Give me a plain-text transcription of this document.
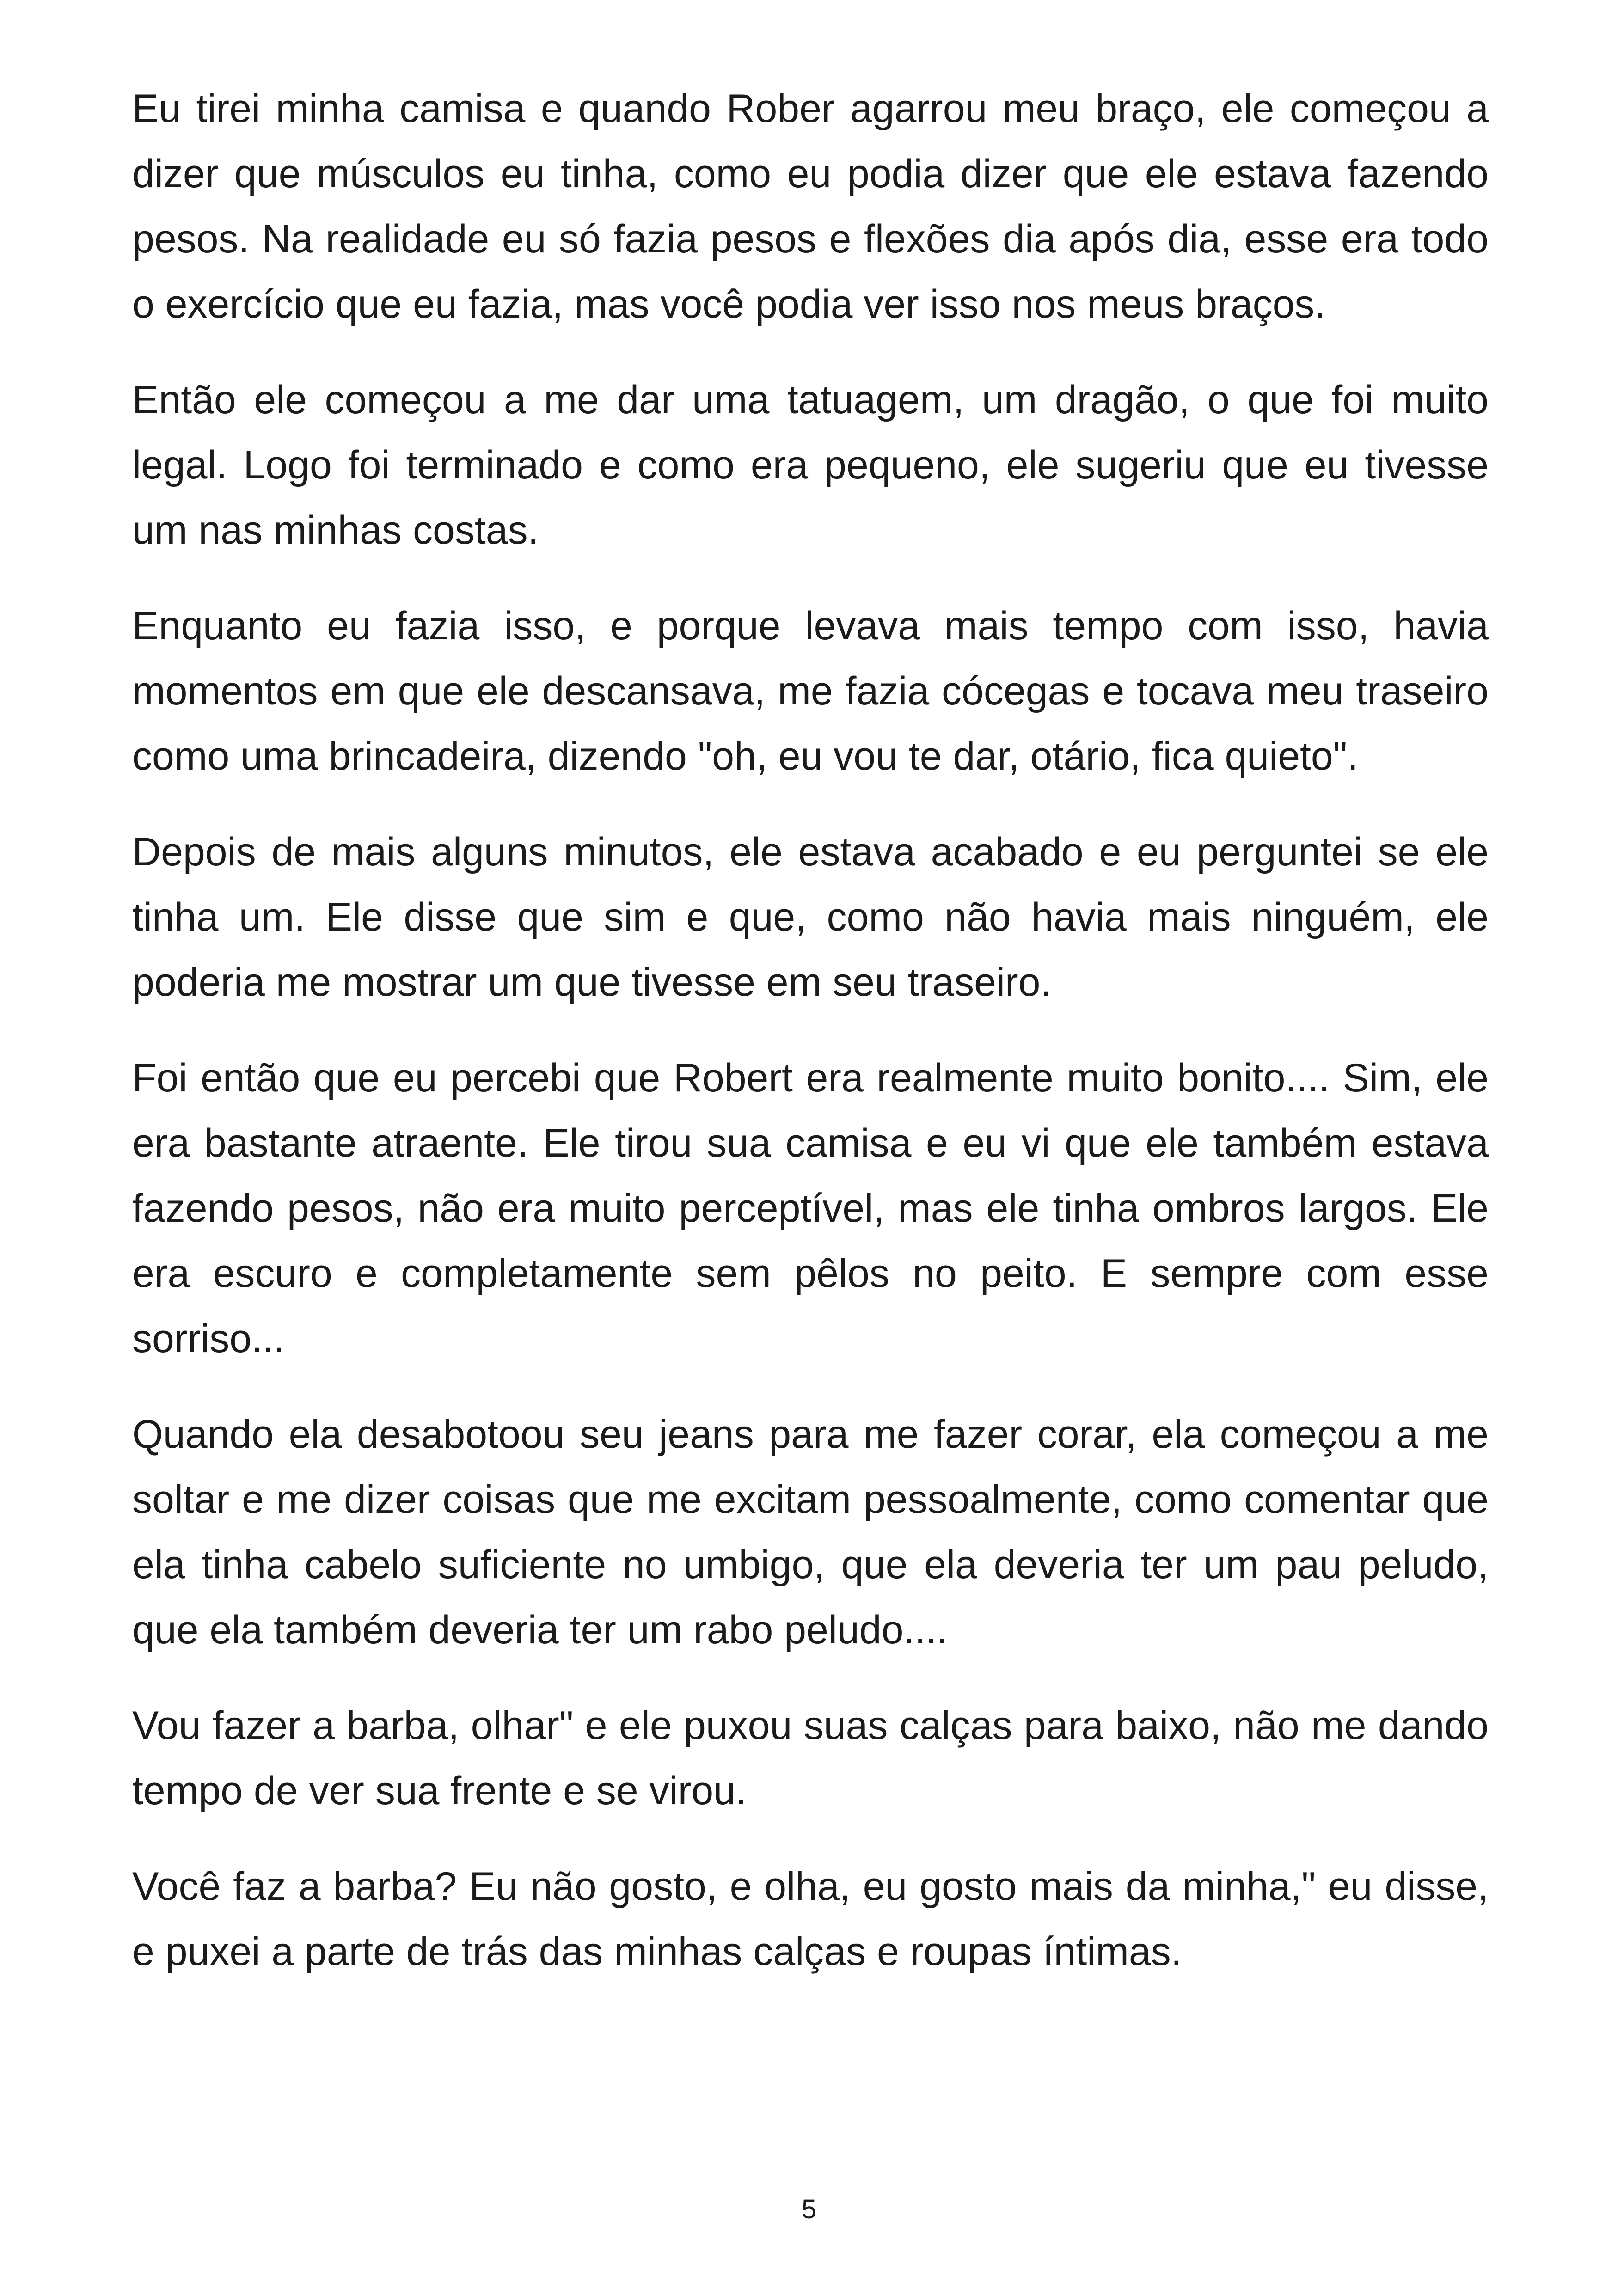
Eu tirei minha camisa e quando Rober agarrou meu braço, ele começou a dizer que músculos eu tinha, como eu podia dizer que ele estava fazendo pesos. Na realidade eu só fazia pesos e flexões dia após dia, esse era todo o exercício que eu fazia, mas você podia ver isso nos meus braços.

Então ele começou a me dar uma tatuagem, um dragão, o que foi muito legal. Logo foi terminado e como era pequeno, ele sugeriu que eu tivesse um nas minhas costas.

Enquanto eu fazia isso, e porque levava mais tempo com isso, havia momentos em que ele descansava, me fazia cócegas e tocava meu traseiro como uma brincadeira, dizendo "oh, eu vou te dar, otário, fica quieto".

Depois de mais alguns minutos, ele estava acabado e eu perguntei se ele tinha um. Ele disse que sim e que, como não havia mais ninguém, ele poderia me mostrar um que tivesse em seu traseiro.

Foi então que eu percebi que Robert era realmente muito bonito.... Sim, ele era bastante atraente. Ele tirou sua camisa e eu vi que ele também estava fazendo pesos, não era muito perceptível, mas ele tinha ombros largos. Ele era escuro e completamente sem pêlos no peito. E sempre com esse sorriso...

Quando ela desabotoou seu jeans para me fazer corar, ela começou a me soltar e me dizer coisas que me excitam pessoalmente, como comentar que ela tinha cabelo suficiente no umbigo, que ela deveria ter um pau peludo, que ela também deveria ter um rabo peludo....

Vou fazer a barba, olhar" e ele puxou suas calças para baixo, não me dando tempo de ver sua frente e se virou.

Você faz a barba? Eu não gosto, e olha, eu gosto mais da minha," eu disse, e puxei a parte de trás das minhas calças e roupas íntimas.

5
